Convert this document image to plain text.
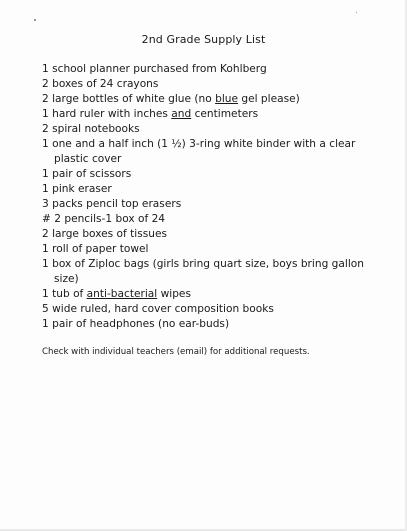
2nd Grade Supply List
1 school planner purchased from Kohlberg
2 boxes of 24 crayons
2 large bottles of white glue (no blue gel please)
1 hard ruler with inches and centimeters
2 spiral notebooks
1 one and a half inch (1 ½) 3-ring white binder with a clear plastic cover
1 pair of scissors
1 pink eraser
3 packs pencil top erasers
# 2 pencils-1 box of 24
2 large boxes of tissues
1 roll of paper towel
1 box of Ziploc bags (girls bring quart size, boys bring gallon size)
1 tub of anti-bacterial wipes
5 wide ruled, hard cover composition books
1 pair of headphones (no ear-buds)
Check with individual teachers (email) for additional requests.
